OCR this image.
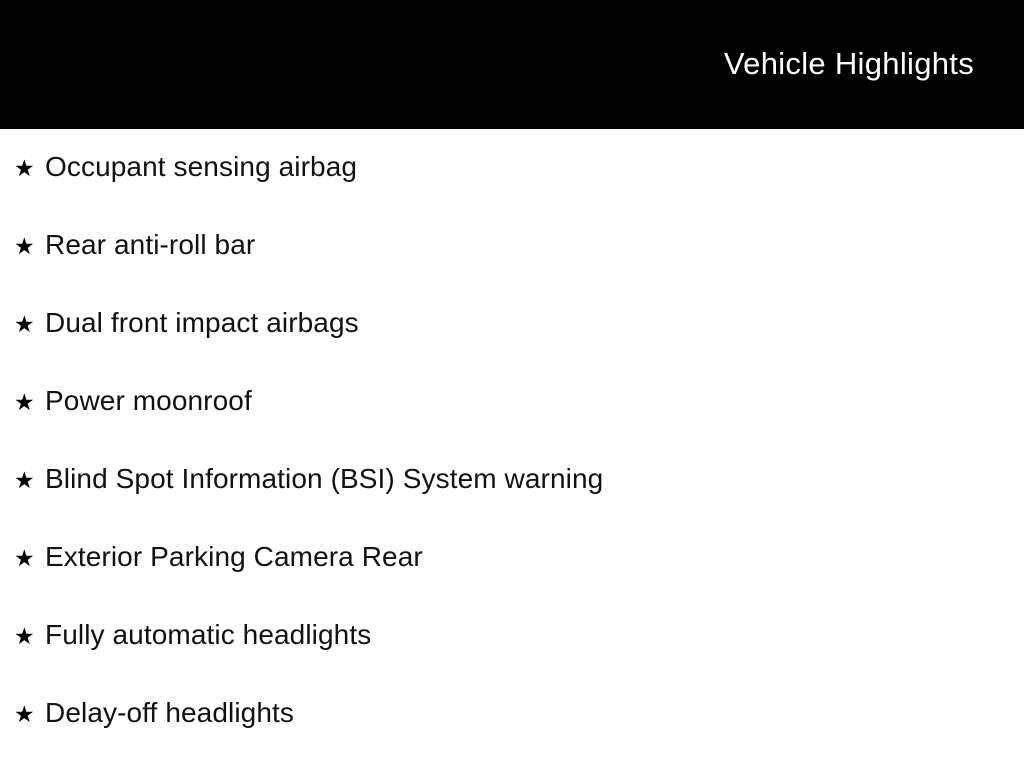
Vehicle Highlights
★ Occupant sensing airbag
★ Rear anti-roll bar
★ Dual front impact airbags
★ Power moonroof
★ Blind Spot Information (BSI) System warning
★ Exterior Parking Camera Rear
★ Fully automatic headlights
★ Delay-off headlights
